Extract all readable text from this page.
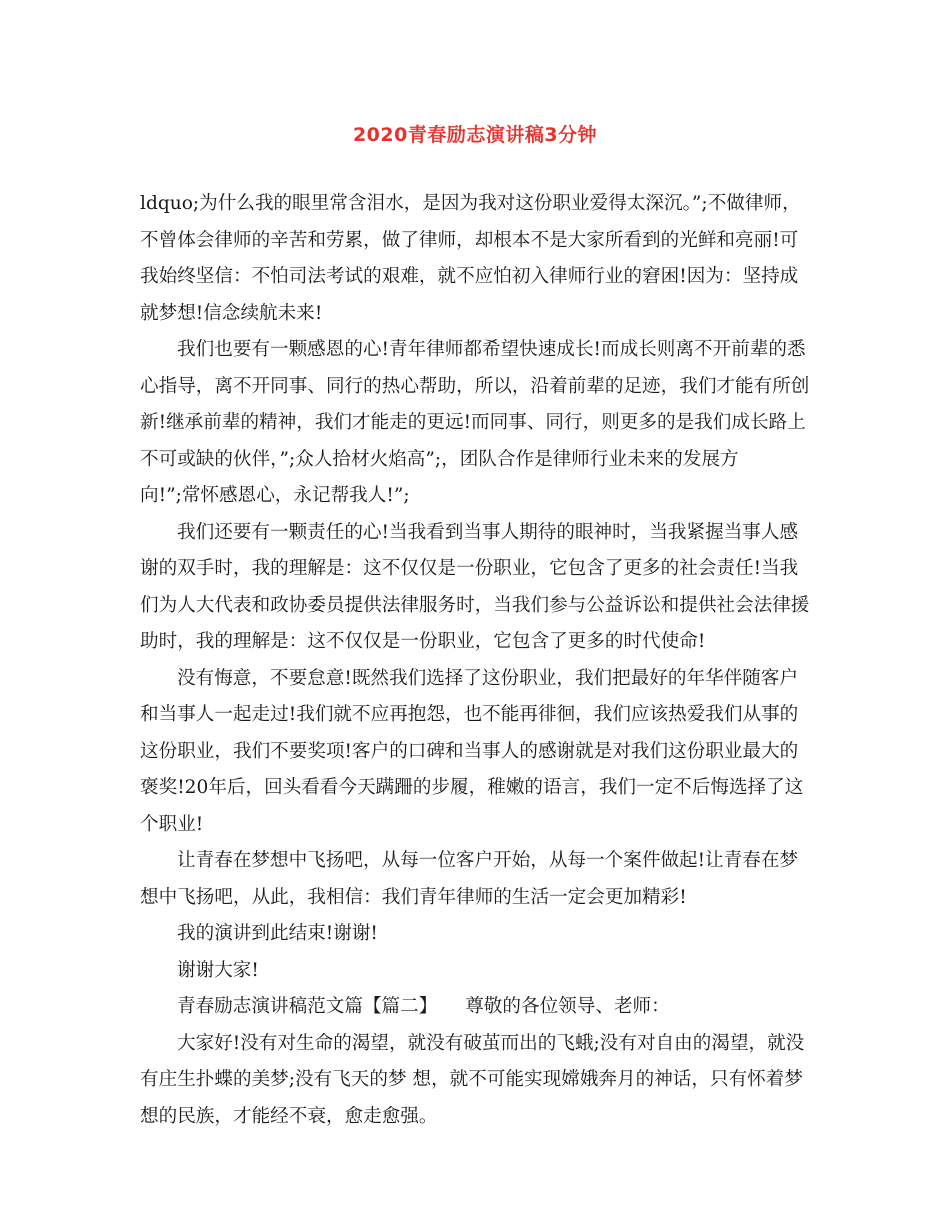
2020青春励志演讲稿3分钟
ldquo;为什么我的眼里常含泪水，是因为我对这份职业爱得太深沉。”;不做律师，
不曾体会律师的辛苦和劳累，做了律师，却根本不是大家所看到的光鲜和亮丽!可
我始终坚信：不怕司法考试的艰难，就不应怕初入律师行业的窘困!因为：坚持成
就梦想!信念续航未来!
我们也要有一颗感恩的心!青年律师都希望快速成长!而成长则离不开前辈的悉
心指导，离不开同事、同行的热心帮助，所以，沿着前辈的足迹，我们才能有所创
新!继承前辈的精神，我们才能走的更远!而同事、同行，则更多的是我们成长路上
不可或缺的伙伴，”;众人拾材火焰高”;，团队合作是律师行业未来的发展方
向!”;常怀感恩心，永记帮我人!”;
我们还要有一颗责任的心!当我看到当事人期待的眼神时，当我紧握当事人感
谢的双手时，我的理解是：这不仅仅是一份职业，它包含了更多的社会责任!当我
们为人大代表和政协委员提供法律服务时，当我们参与公益诉讼和提供社会法律援
助时，我的理解是：这不仅仅是一份职业，它包含了更多的时代使命!
没有悔意，不要怠意!既然我们选择了这份职业，我们把最好的年华伴随客户
和当事人一起走过!我们就不应再抱怨，也不能再徘徊，我们应该热爱我们从事的
这份职业，我们不要奖项!客户的口碑和当事人的感谢就是对我们这份职业最大的
褒奖!20年后，回头看看今天蹒跚的步履，稚嫩的语言，我们一定不后悔选择了这
个职业!
让青春在梦想中飞扬吧，从每一位客户开始，从每一个案件做起!让青春在梦
想中飞扬吧，从此，我相信：我们青年律师的生活一定会更加精彩!
我的演讲到此结束!谢谢!
谢谢大家!
青春励志演讲稿范文篇【篇二】　　尊敬的各位领导、老师：
大家好!没有对生命的渴望，就没有破茧而出的飞蛾;没有对自由的渴望，就没
有庄生扑蝶的美梦;没有飞天的梦 想，就不可能实现嫦娥奔月的神话，只有怀着梦
想的民族，才能经不衰，愈走愈强。
